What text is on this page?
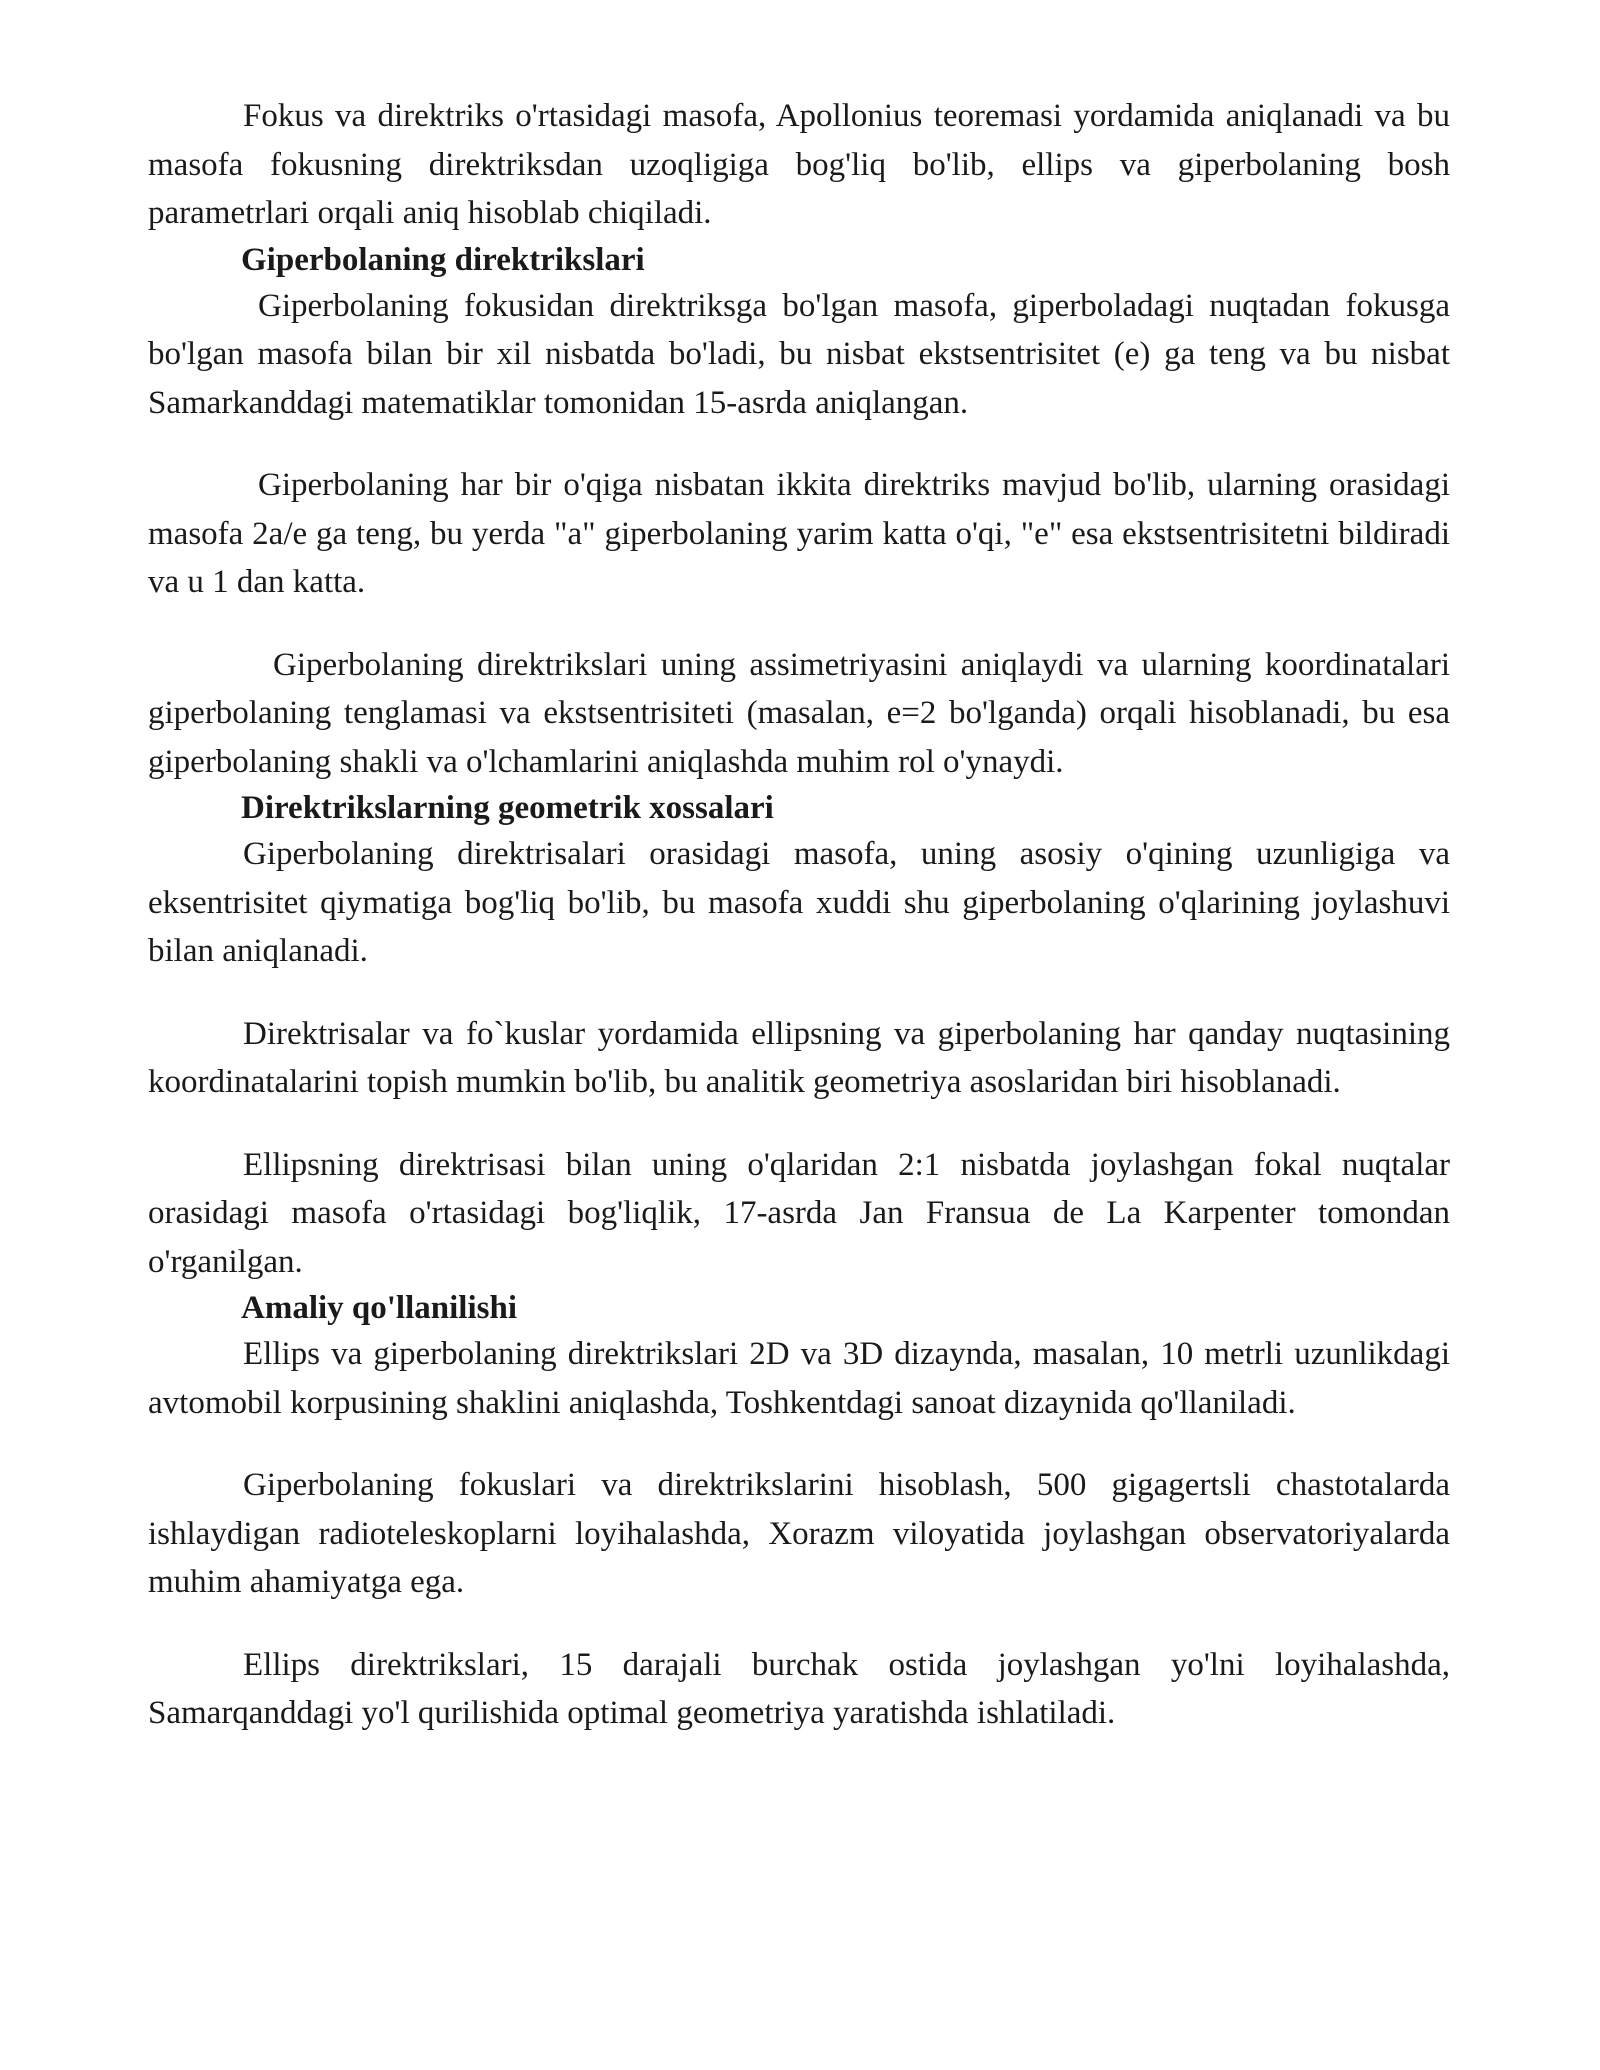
Fokus va direktriks o'rtasidagi masofa, Apollonius teoremasi yordamida aniqlanadi va bu masofa fokusning direktriksdan uzoqligiga bog'liq bo'lib, ellips va giperbolaning bosh parametrlari orqali aniq hisoblab chiqiladi.

Giperbolaning direktrikslari

Giperbolaning fokusidan direktriksga bo'lgan masofa, giperboladagi nuqtadan fokusga bo'lgan masofa bilan bir xil nisbatda bo'ladi, bu nisbat ekstsentrisitet (e) ga teng va bu nisbat Samarkanddagi matematiklar tomonidan 15-asrda aniqlangan.

Giperbolaning har bir o'qiga nisbatan ikkita direktriks mavjud bo'lib, ularning orasidagi masofa 2a/e ga teng, bu yerda "a" giperbolaning yarim katta o'qi, "e" esa ekstsentrisitetni bildiradi va u 1 dan katta.

Giperbolaning direktrikslari uning assimetriyasini aniqlaydi va ularning koordinatalari giperbolaning tenglamasi va ekstsentrisiteti (masalan, e=2 bo'lganda) orqali hisoblanadi, bu esa giperbolaning shakli va o'lchamlarini aniqlashda muhim rol o'ynaydi.

Direktrikslarning geometrik xossalari

Giperbolaning direktrisalari orasidagi masofa, uning asosiy o'qining uzunligiga va eksentrisitet qiymatiga bog'liq bo'lib, bu masofa xuddi shu giperbolaning o'qlarining joylashuvi bilan aniqlanadi.

Direktrisalar va fo`kuslar yordamida ellipsning va giperbolaning har qanday nuqtasining koordinatalarini topish mumkin bo'lib, bu analitik geometriya asoslaridan biri hisoblanadi.

Ellipsning direktrisasi bilan uning o'qlaridan 2:1 nisbatda joylashgan fokal nuqtalar orasidagi masofa o'rtasidagi bog'liqlik, 17-asrda Jan Fransua de La Karpenter tomondan o'rganilgan.

Amaliy qo'llanilishi

Ellips va giperbolaning direktrikslari 2D va 3D dizaynda, masalan, 10 metrli uzunlikdagi avtomobil korpusining shaklini aniqlashda, Toshkentdagi sanoat dizaynida qo'llaniladi.

Giperbolaning fokuslari va direktrikslarini hisoblash, 500 gigagertsli chastotalarda ishlaydigan radioteleskoplarni loyihalashda, Xorazm viloyatida joylashgan observatoriyalarda muhim ahamiyatga ega.

Ellips direktrikslari, 15 darajali burchak ostida joylashgan yo'lni loyihalashda, Samarqanddagi yo'l qurilishida optimal geometriya yaratishda ishlatiladi.
